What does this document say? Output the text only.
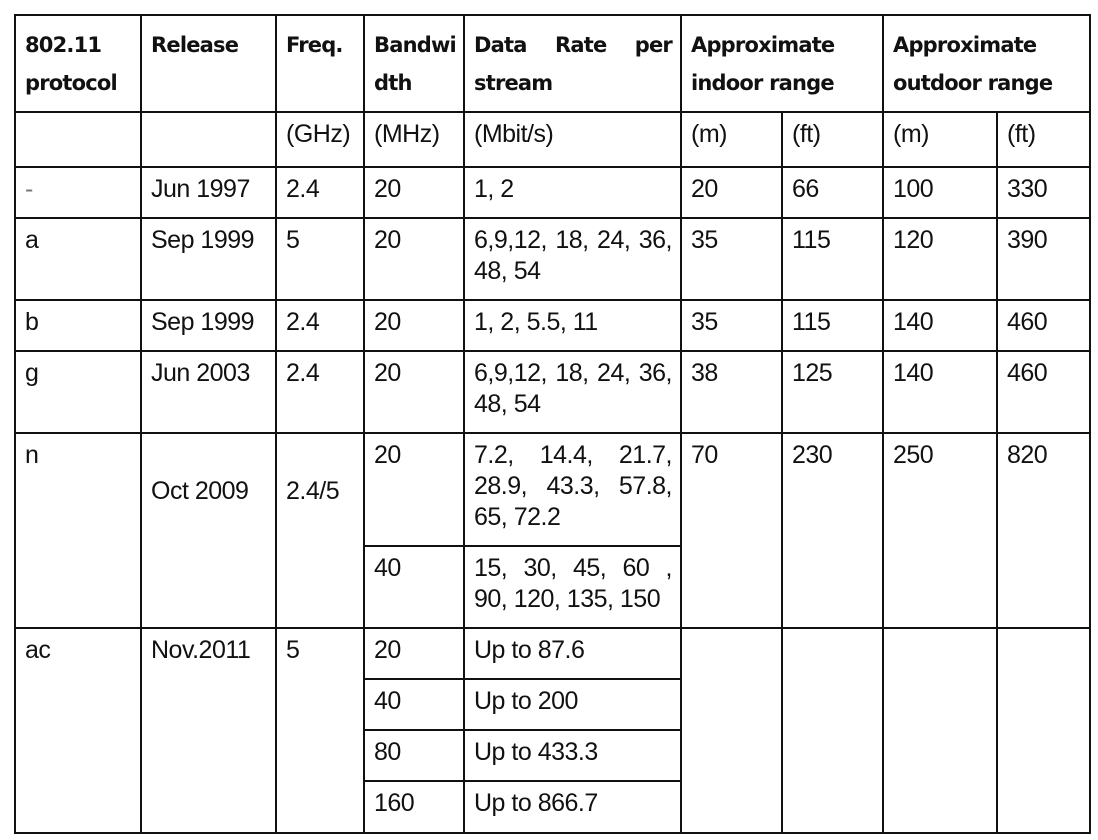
802.11 protocol	Release	Freq.	Bandwi dth	Data Rate per
stream	Approximate indoor range		Approximate outdoor range	
		(GHz)	(MHz)	(Mbit/s)	(m)	(ft)	(m)	(ft)
-	Jun 1997	2.4	20	1, 2	20	66	100	330
a	Sep 1999	5	20	6,9,12, 18, 24, 36, 48, 54	35	115	120	390
b	Sep 1999	2.4	20	1, 2, 5.5, 11	35	115	140	460
g	Jun 2003	2.4	20	6,9,12, 18, 24, 36, 48, 54	38	125	140	460
n	Oct 2009	2.4/5	20	7.2, 14.4, 21.7, 28.9, 43.3, 57.8, 65, 72.2	70	230	250	820
			40	15, 30, 45, 60 , 90, 120, 135, 150				
ac	Nov.2011	5	20	Up to 87.6				
			40	Up to 200				
			80	Up to 433.3				
			160	Up to 866.7				
